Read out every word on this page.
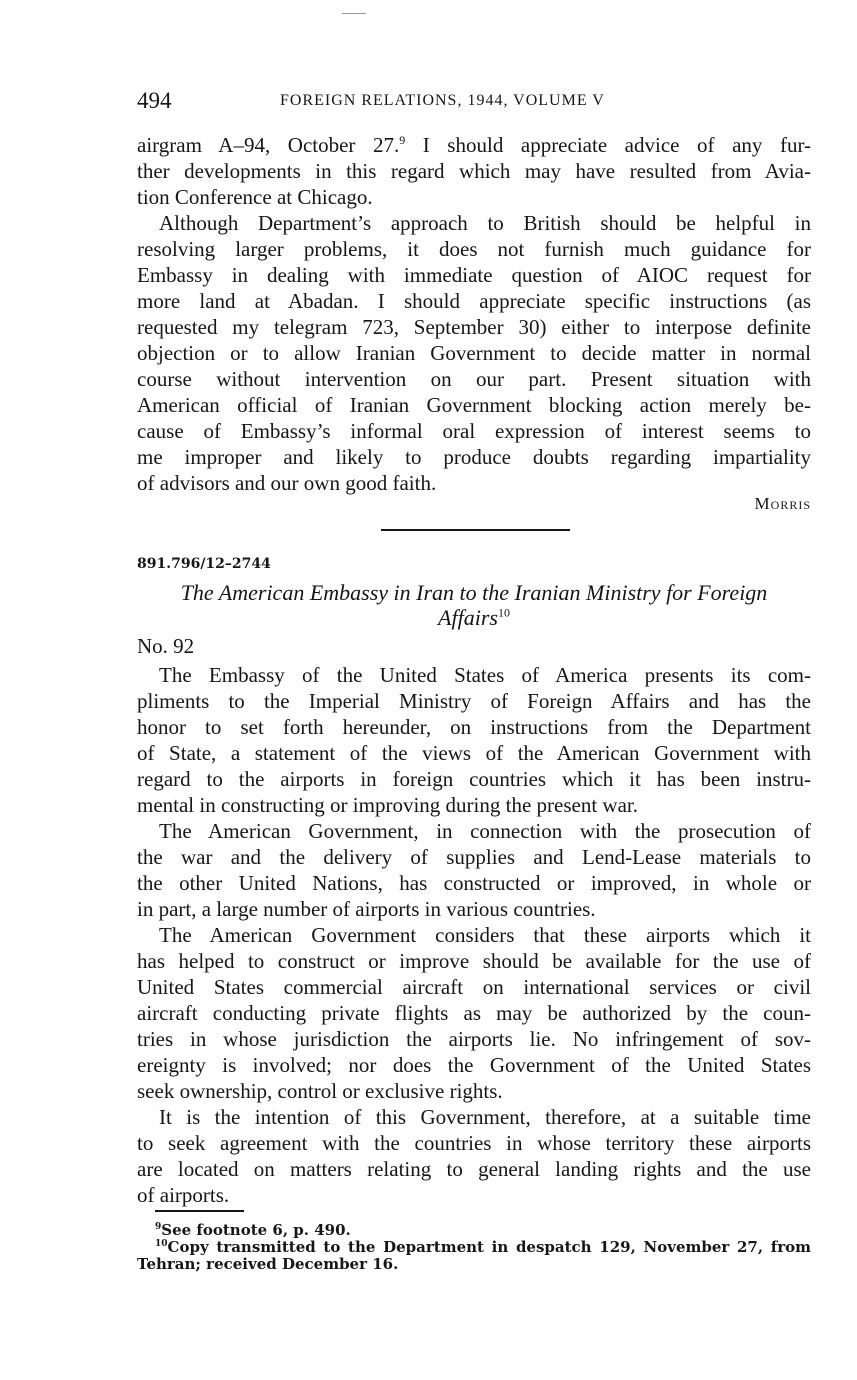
494	FOREIGN RELATIONS, 1944, VOLUME V

airgram A–94, October 27.$^9$ I should appreciate advice of any fur-
ther developments in this regard which may have resulted from Avia-
tion Conference at Chicago.

Although Department’s approach to British should be helpful in
resolving larger problems, it does not furnish much guidance for
Embassy in dealing with immediate question of AIOC request for
more land at Abadan. I should appreciate specific instructions (as
requested my telegram 723, September 30) either to interpose definite
objection or to allow Iranian Government to decide matter in normal
course without intervention on our part. Present situation with
American official of Iranian Government blocking action merely be-
cause of Embassy’s informal oral expression of interest seems to
me improper and likely to produce doubts regarding impartiality
of advisors and our own good faith.

Morris
891.796/12–2744
The American Embassy in Iran to the Iranian Ministry for Foreign
Affairs$^{10}$
No. 92

The Embassy of the United States of America presents its com-
pliments to the Imperial Ministry of Foreign Affairs and has the
honor to set forth hereunder, on instructions from the Department
of State, a statement of the views of the American Government with
regard to the airports in foreign countries which it has been instru-
mental in constructing or improving during the present war.

The American Government, in connection with the prosecution of
the war and the delivery of supplies and Lend-Lease materials to
the other United Nations, has constructed or improved, in whole or
in part, a large number of airports in various countries.

The American Government considers that these airports which it
has helped to construct or improve should be available for the use of
United States commercial aircraft on international services or civil
aircraft conducting private flights as may be authorized by the coun-
tries in whose jurisdiction the airports lie. No infringement of sov-
ereignty is involved; nor does the Government of the United States
seek ownership, control or exclusive rights.

It is the intention of this Government, therefore, at a suitable time
to seek agreement with the countries in whose territory these airports
are located on matters relating to general landing rights and the use
of airports.

$^9$See footnote 6, p. 490.
$^{10}$Copy transmitted to the Department in despatch 129, November 27, from
Tehran; received December 16.
